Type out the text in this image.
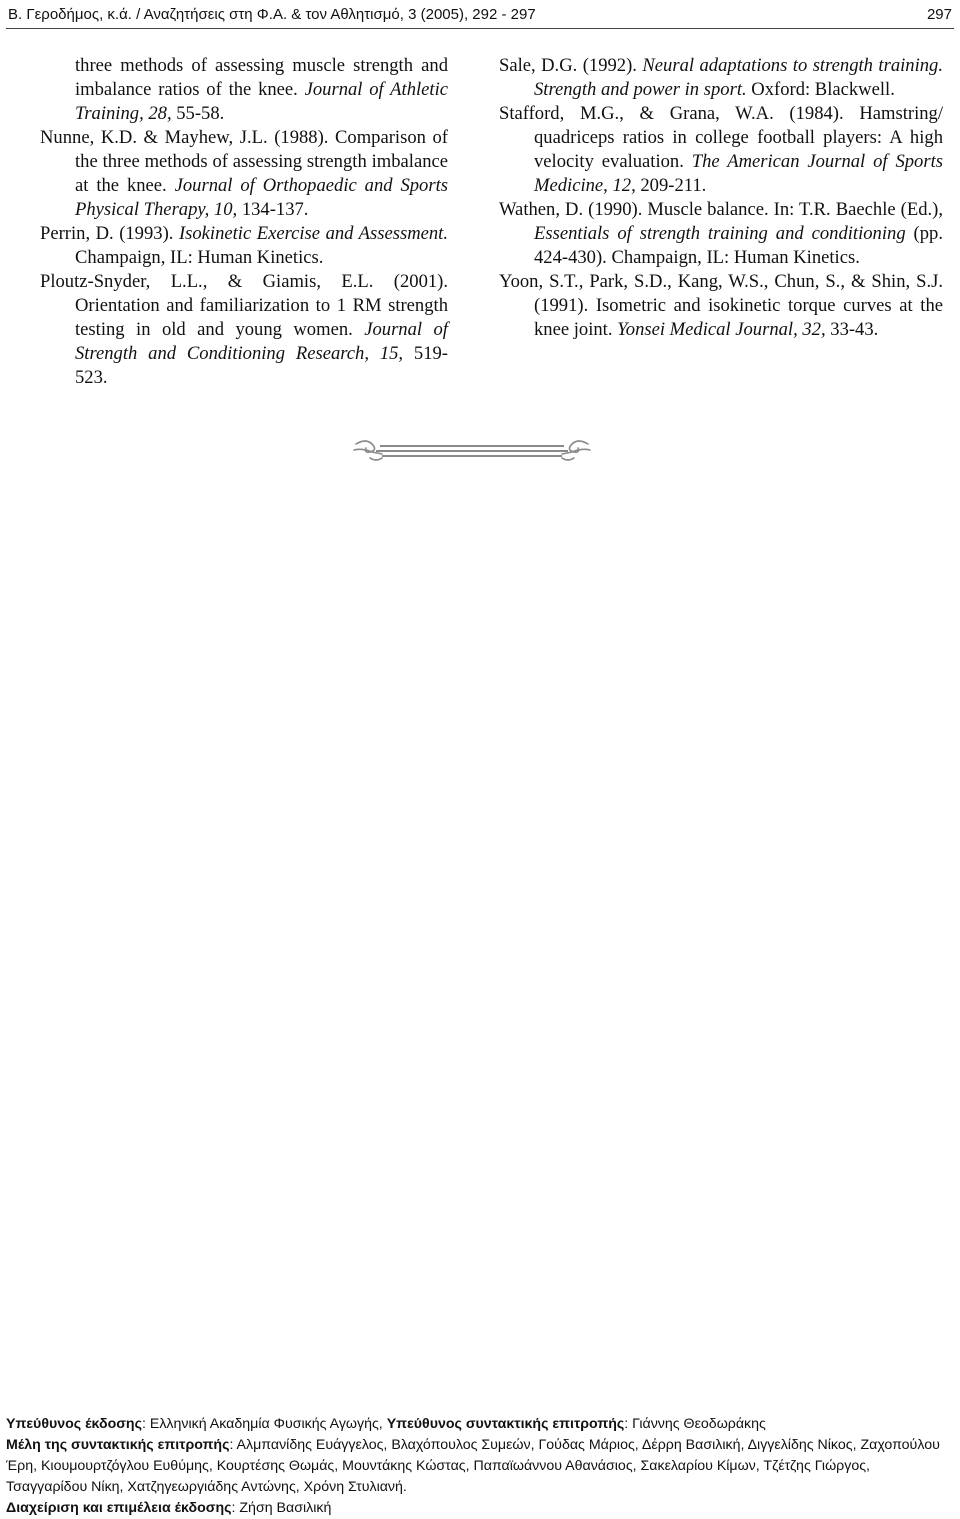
Β. Γεροδήμος, κ.ά. / Αναζητήσεις στη Φ.Α. & τον Αθλητισμό, 3 (2005), 292 - 297	297

three methods of assessing muscle strength and imbalance ratios of the knee. Journal of Athletic Training, 28, 55-58.

Nunne, K.D. & Mayhew, J.L. (1988). Comparison of the three methods of assessing strength imbalance at the knee. Journal of Orthopaedic and Sports Physical Therapy, 10, 134-137.

Perrin, D. (1993). Isokinetic Exercise and Assessment. Champaign, IL: Human Kinetics.

Ploutz-Snyder, L.L., & Giamis, E.L. (2001). Orientation and familiarization to 1 RM strength testing in old and young women. Journal of Strength and Conditioning Research, 15, 519-523.

Sale, D.G. (1992). Neural adaptations to strength training. Strength and power in sport. Oxford: Blackwell.

Stafford, M.G., & Grana, W.A. (1984). Hamstring/ quadriceps ratios in college football players: A high velocity evaluation. The American Journal of Sports Medicine, 12, 209-211.

Wathen, D. (1990). Muscle balance. In: T.R. Baechle (Ed.), Essentials of strength training and conditioning (pp. 424-430). Champaign, IL: Human Kinetics.

Yoon, S.T., Park, S.D., Kang, W.S., Chun, S., & Shin, S.J. (1991). Isometric and isokinetic torque curves at the knee joint. Yonsei Medical Journal, 32, 33-43.

Υπεύθυνος έκδοσης: Ελληνική Ακαδημία Φυσικής Αγωγής, Υπεύθυνος συντακτικής επιτροπής: Γιάννης Θεοδωράκης

Μέλη της συντακτικής επιτροπής: Αλμπανίδης Ευάγγελος, Βλαχόπουλος Συμεών, Γούδας Μάριος, Δέρρη Βασιλική, Διγγελίδης Νίκος, Ζαχοπούλου Έρη, Κιουμουρτζόγλου Ευθύμης, Κουρτέσης Θωμάς, Μουντάκης Κώστας, Παπαϊωάννου Αθανάσιος, Σακελαρίου Κίμων, Τζέτζης Γιώργος, Τσαγγαρίδου Νίκη, Χατζηγεωργιάδης Αντώνης, Χρόνη Στυλιανή.

Διαχείριση και επιμέλεια έκδοσης: Ζήση Βασιλική
